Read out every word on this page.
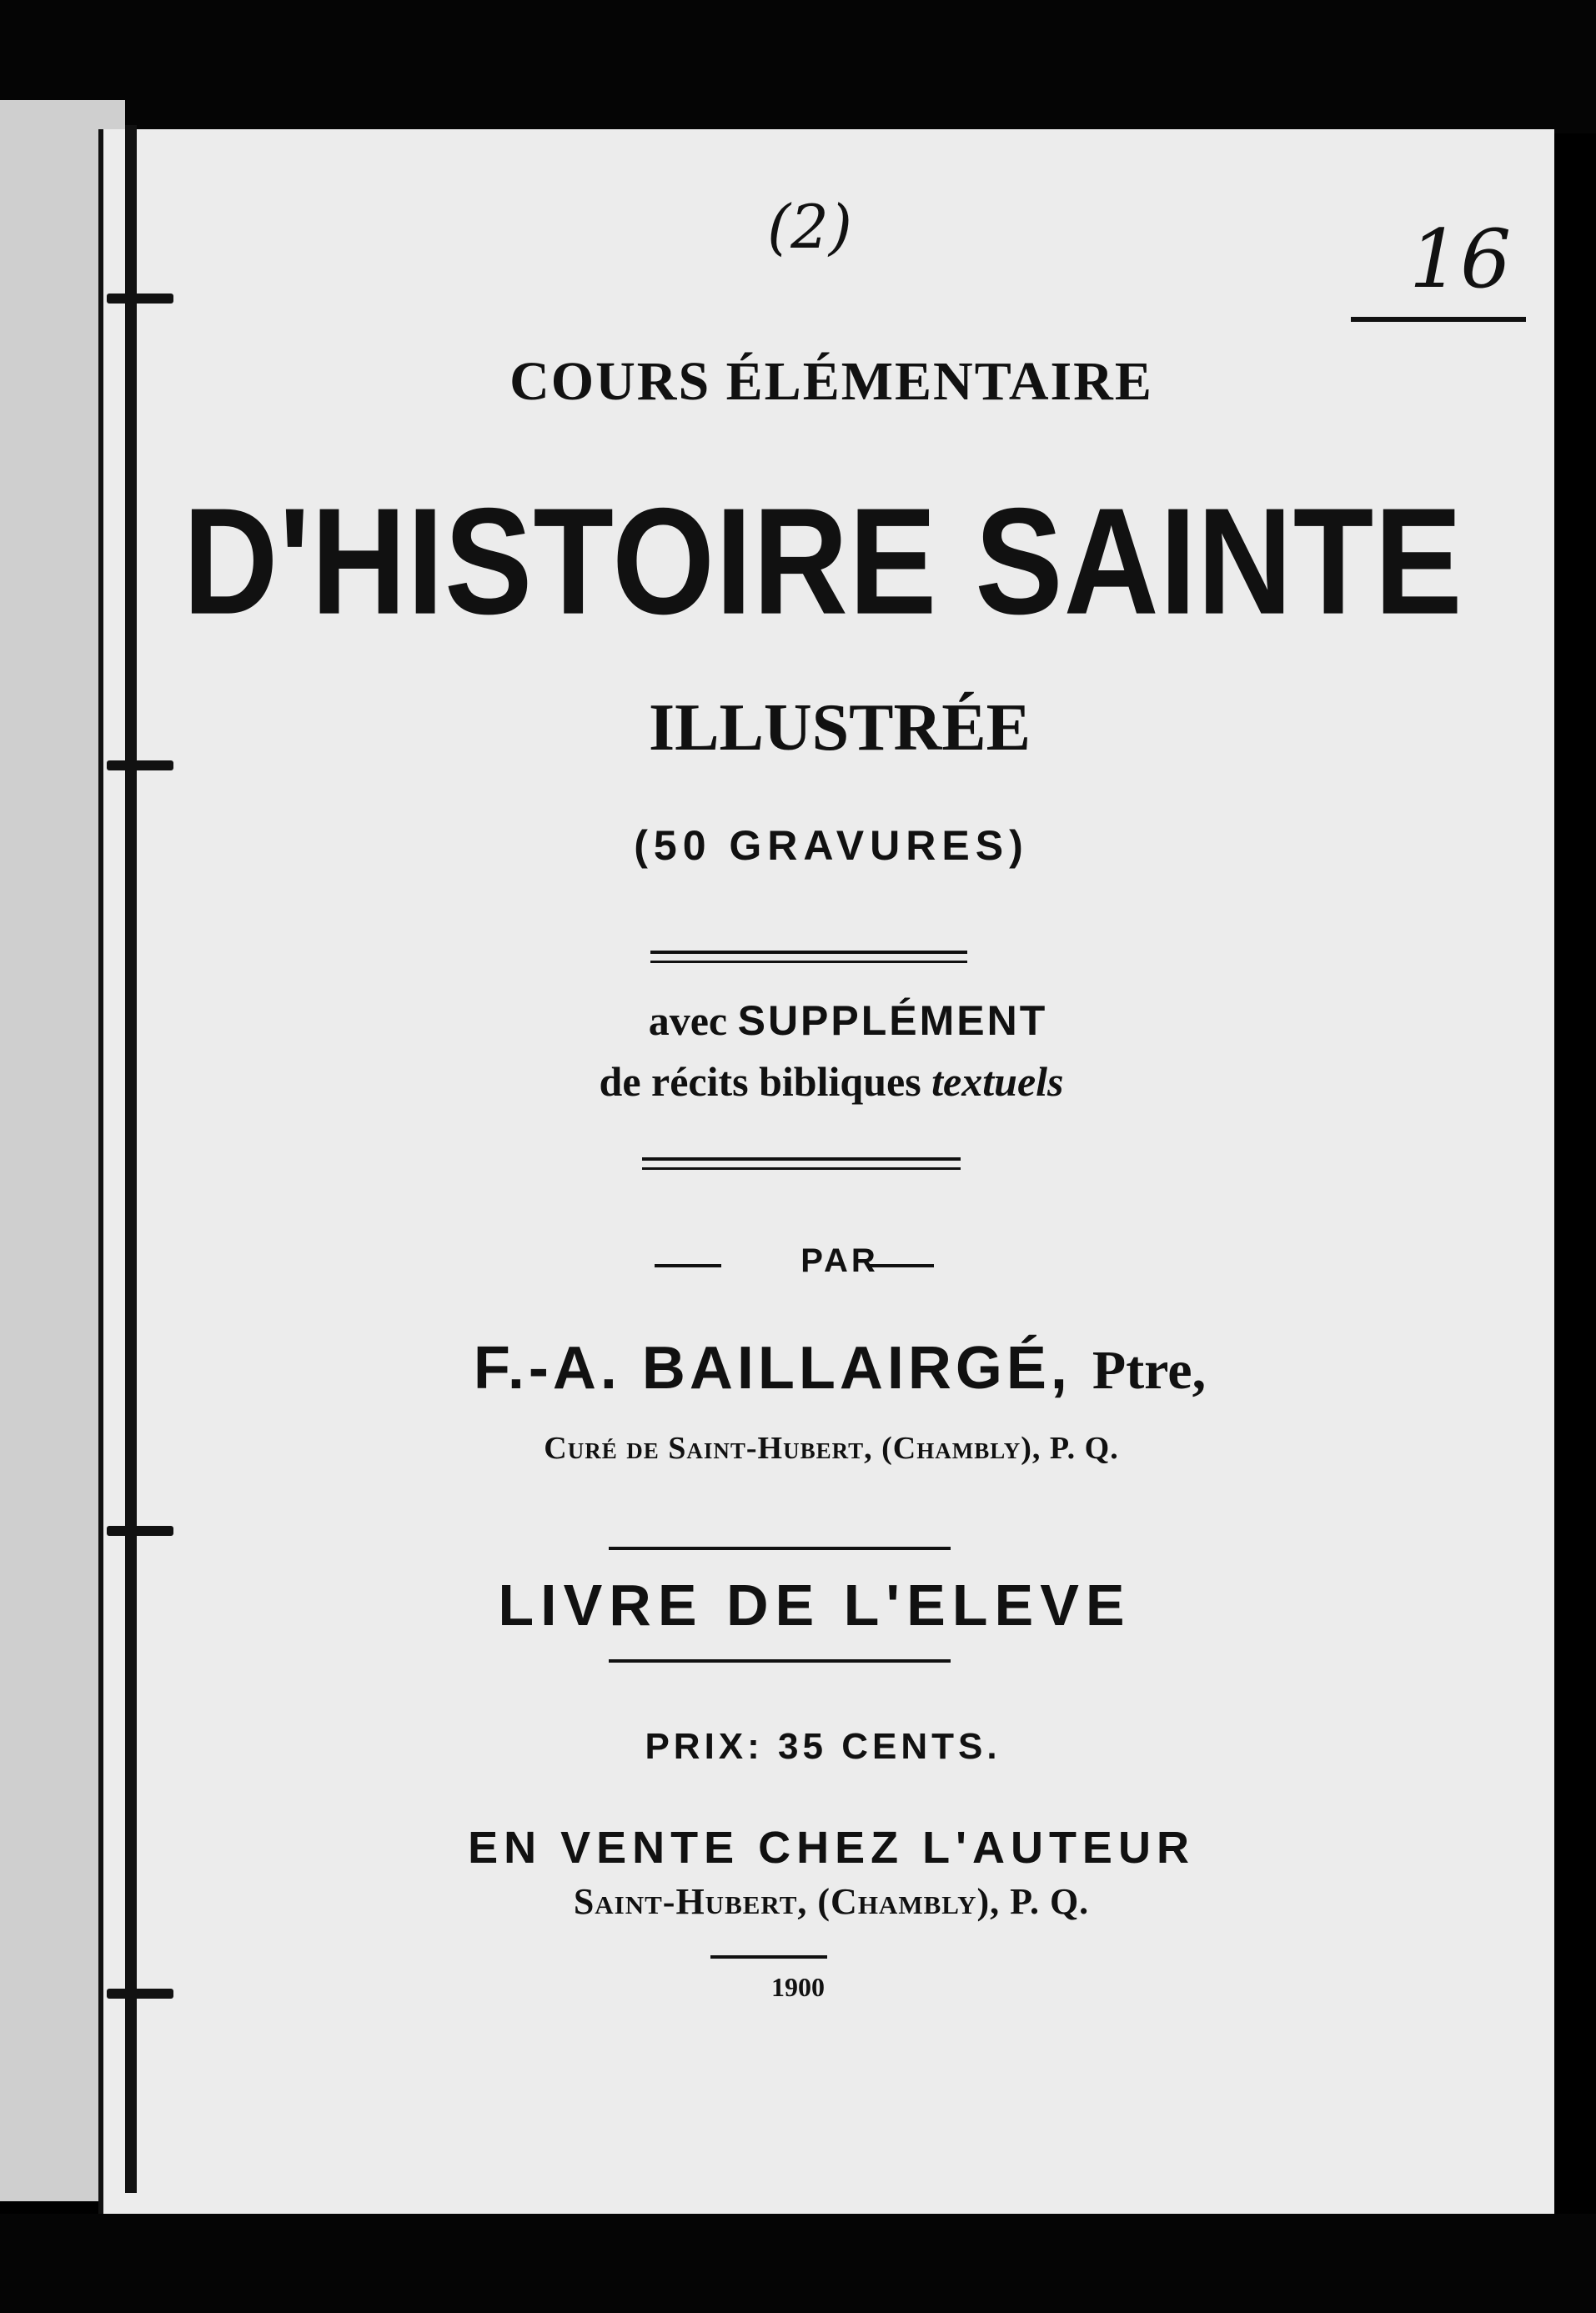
(2)	16
COURS ÉLÉMENTAIRE
D'HISTOIRE SAINTE
ILLUSTRÉE
(50 GRAVURES)
avec SUPPLÉMENT
de récits bibliques textuels
PAR
F.-A. BAILLAIRGÉ, Ptre,
Curé de Saint-Hubert, (Chambly), P. Q.
LIVRE DE L'ELEVE
PRIX: 35 CENTS.
EN VENTE CHEZ L'AUTEUR
Saint-Hubert, (Chambly), P. Q.
1900
